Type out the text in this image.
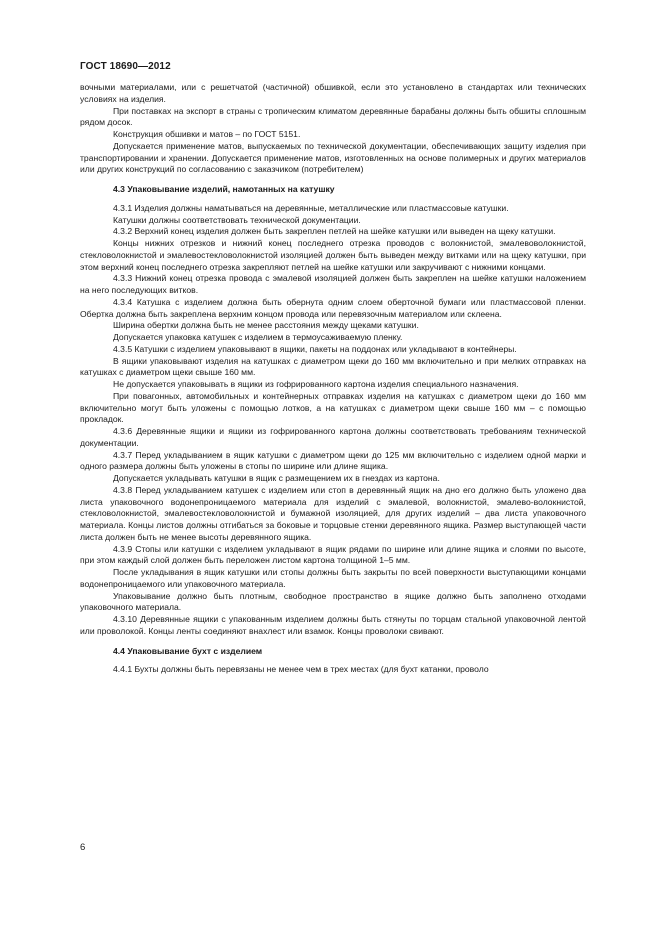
ГОСТ 18690—2012

вочными материалами, или с решетчатой (частичной) обшивкой, если это установлено в стандартах или технических условиях на изделия.

При поставках на экспорт в страны с тропическим климатом деревянные барабаны должны быть обшиты сплошным рядом досок.

Конструкция обшивки и матов – по ГОСТ 5151.

Допускается применение матов, выпускаемых по технической документации, обеспечивающих защиту изделия при транспортировании и хранении. Допускается применение матов, изготовленных на основе полимерных и других материалов или других конструкций по согласованию с заказчиком (потребителем)

4.3 Упаковывание изделий, намотанных на катушку

4.3.1 Изделия должны наматываться на деревянные, металлические или пластмассовые катушки.

Катушки должны соответствовать технической документации.

4.3.2 Верхний конец изделия должен быть закреплен петлей на шейке катушки или выведен на щеку катушки.

Концы нижних отрезков и нижний конец последнего отрезка проводов с волокнистой, эмалевоволокнистой, стекловолокнистой и эмалевостекловолокнистой изоляцией должен быть выведен между витками или на щеку катушки, при этом верхний конец последнего отрезка закрепляют петлей на шейке катушки или закручивают с нижними концами.

4.3.3 Нижний конец отрезка провода с эмалевой изоляцией должен быть закреплен на шейке катушки наложением на него последующих витков.

4.3.4 Катушка с изделием должна быть обернута одним слоем оберточной бумаги или пластмассовой пленки. Обертка должна быть закреплена верхним концом провода или перевязочным материалом или склеена.

Ширина обертки должна быть не менее расстояния между щеками катушки.

Допускается упаковка катушек с изделием в термоусаживаемую пленку.

4.3.5 Катушки с изделием упаковывают в ящики, пакеты на поддонах или укладывают в контейнеры.

В ящики упаковывают изделия на катушках с диаметром щеки до 160 мм включительно и при мелких отправках на катушках с диаметром щеки свыше 160 мм.

Не допускается упаковывать в ящики из гофрированного картона изделия специального назначения.

При повагонных, автомобильных и контейнерных отправках изделия на катушках с диаметром щеки до 160 мм включительно могут быть уложены с помощью лотков, а на катушках с диаметром щеки свыше 160 мм – с помощью прокладок.

4.3.6 Деревянные ящики и ящики из гофрированного картона должны соответствовать требованиям технической документации.

4.3.7 Перед укладыванием в ящик катушки с диаметром щеки до 125 мм включительно с изделием одной марки и одного размера должны быть уложены в стопы по ширине или длине ящика.

Допускается укладывать катушки в ящик с размещением их в гнездах из картона.

4.3.8 Перед укладыванием катушек с изделием или стоп в деревянный ящик на дно его должно быть уложено два листа упаковочного водонепроницаемого материала для изделий с эмалевой, волокнистой, эмалево-волокнистой, стекловолокнистой, эмалевостекловолокнистой и бумажной изоляцией, для других изделий – два листа упаковочного материала. Концы листов должны отгибаться за боковые и торцовые стенки деревянного ящика. Размер выступающей части листа должен быть не менее высоты деревянного ящика.

4.3.9 Стопы или катушки с изделием укладывают в ящик рядами по ширине или длине ящика и слоями по высоте, при этом каждый слой должен быть переложен листом картона толщиной 1–5 мм.

После укладывания в ящик катушки или стопы должны быть закрыты по всей поверхности выступающими концами водонепроницаемого или упаковочного материала.

Упаковывание должно быть плотным, свободное пространство в ящике должно быть заполнено отходами упаковочного материала.

4.3.10 Деревянные ящики с упакованным изделием должны быть стянуты по торцам стальной упаковочной лентой или проволокой. Концы ленты соединяют внахлест или взамок. Концы проволоки свивают.

4.4 Упаковывание бухт с изделием

4.4.1 Бухты должны быть перевязаны не менее чем в трех местах (для бухт катанки, проволо

6
